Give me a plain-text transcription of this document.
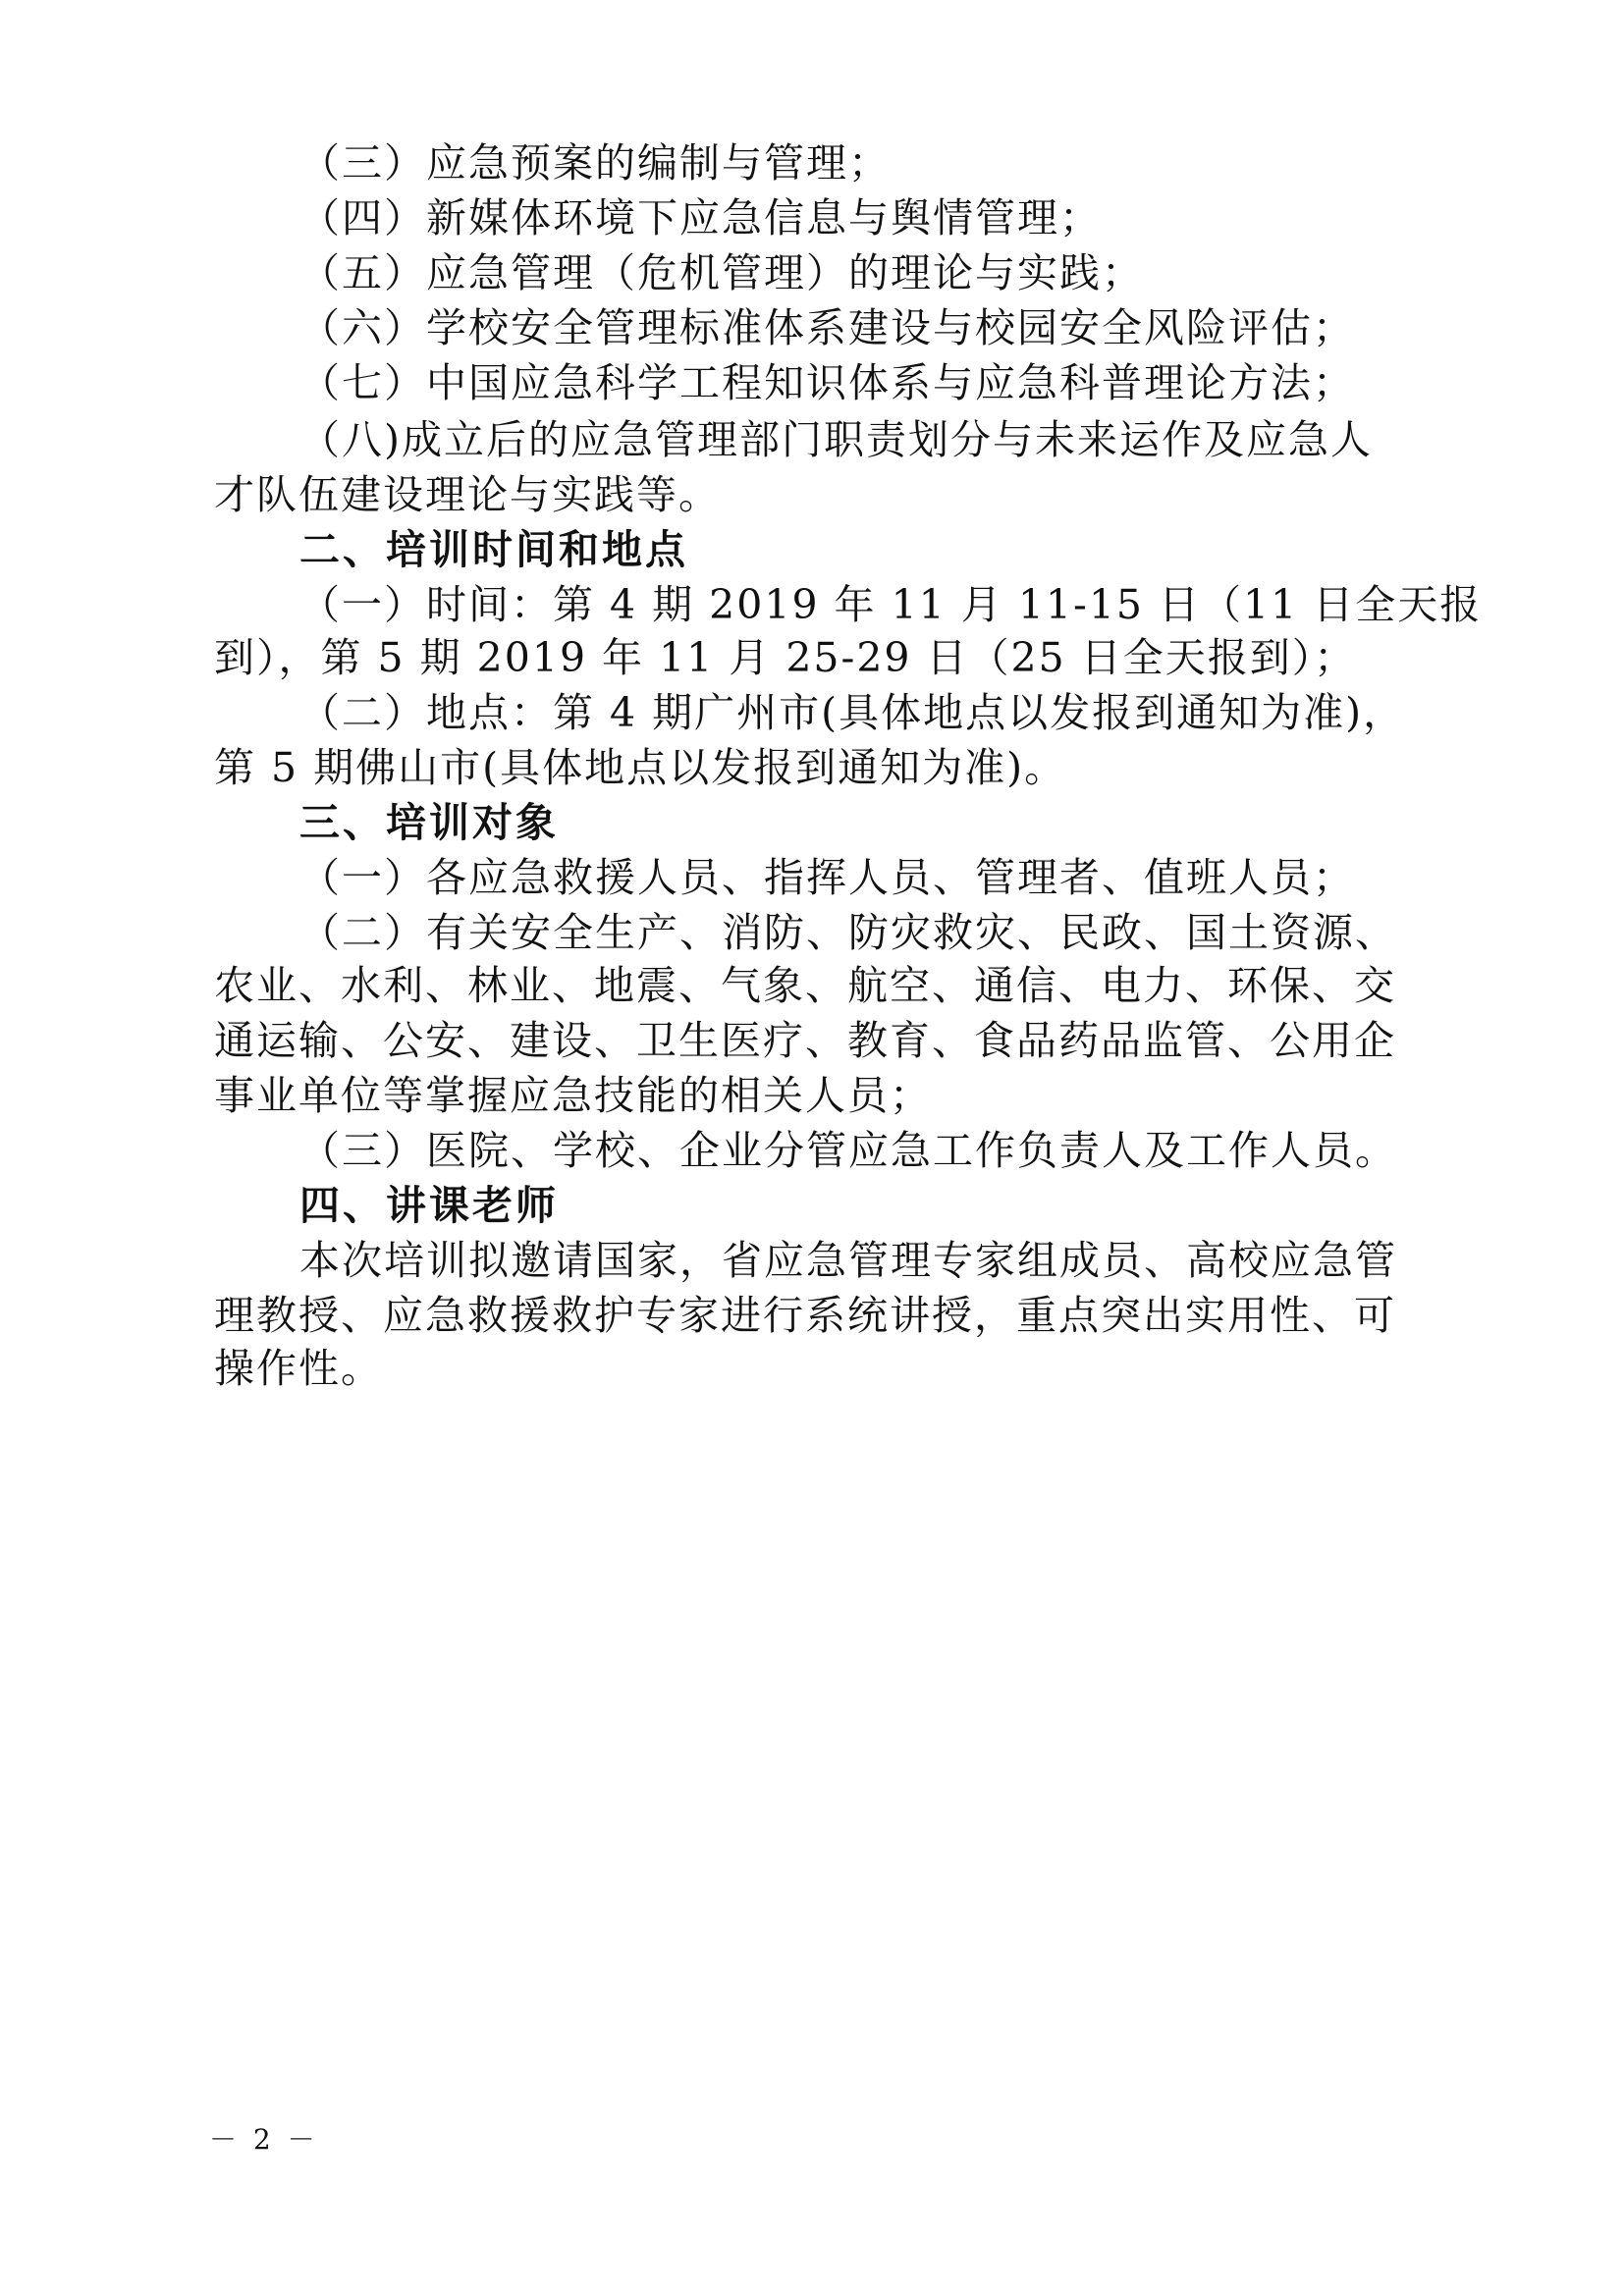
（三）应急预案的编制与管理；
（四）新媒体环境下应急信息与舆情管理；
（五）应急管理（危机管理）的理论与实践；
（六）学校安全管理标准体系建设与校园安全风险评估；
（七）中国应急科学工程知识体系与应急科普理论方法；
（八)成立后的应急管理部门职责划分与未来运作及应急人
才队伍建设理论与实践等。
二、培训时间和地点
（一）时间：第 4 期 2019 年 11 月 11-15 日（11 日全天报
到），第 5 期 2019 年 11 月 25-29 日（25 日全天报到）；
（二）地点：第 4 期广州市(具体地点以发报到通知为准)，
第 5 期佛山市(具体地点以发报到通知为准)。
三、培训对象
（一）各应急救援人员、指挥人员、管理者、值班人员；
（二）有关安全生产、消防、防灾救灾、民政、国土资源、
农业、水利、林业、地震、气象、航空、通信、电力、环保、交
通运输、公安、建设、卫生医疗、教育、食品药品监管、公用企
事业单位等掌握应急技能的相关人员；
（三）医院、学校、企业分管应急工作负责人及工作人员。
四、讲课老师
本次培训拟邀请国家，省应急管理专家组成员、高校应急管
理教授、应急救援救护专家进行系统讲授，重点突出实用性、可
操作性。
－ 2 －
